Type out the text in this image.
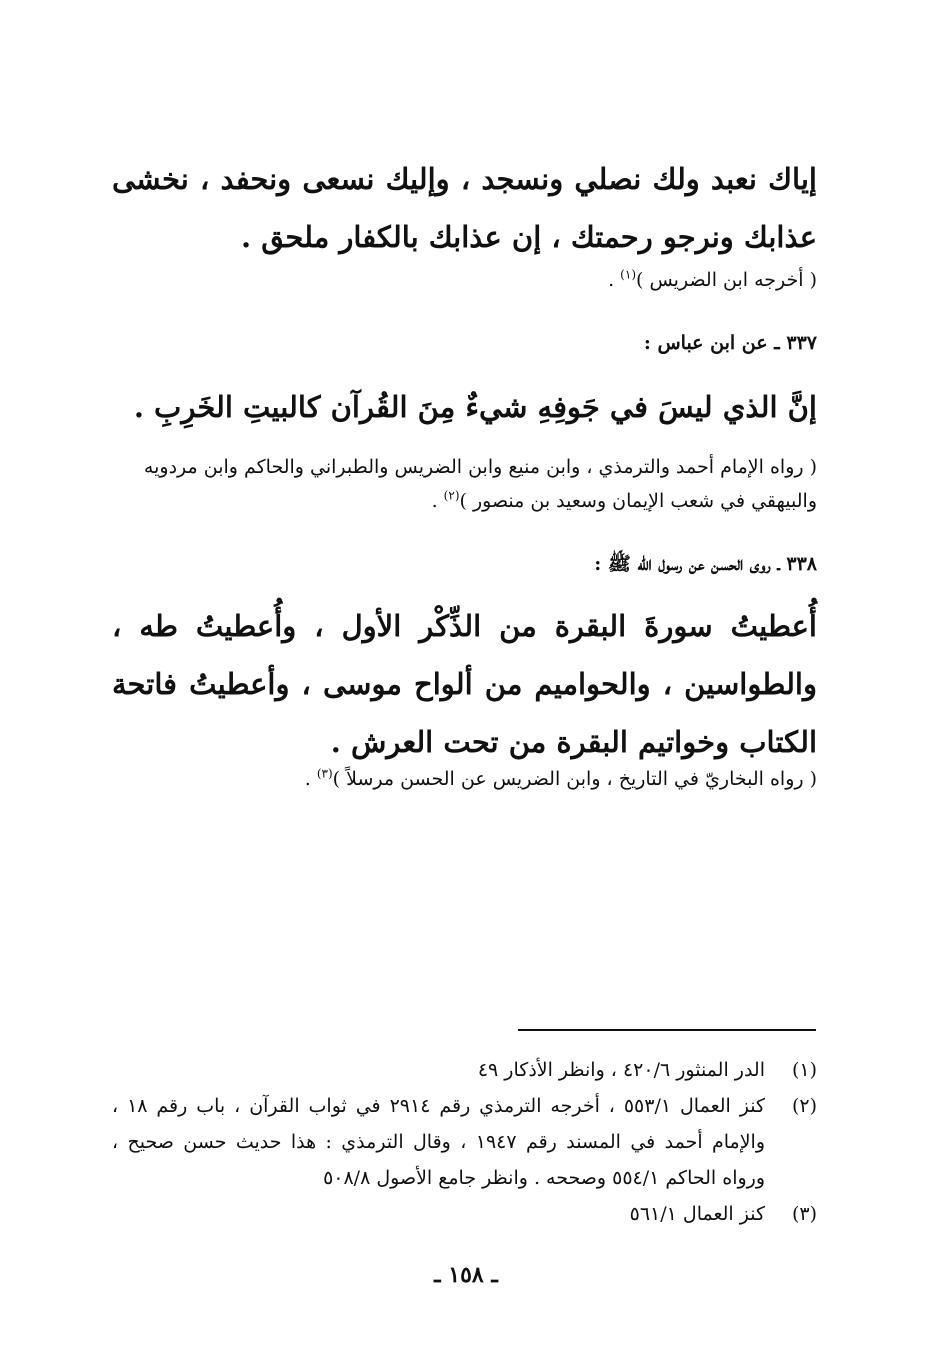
إياك نعبد ولك نصلي ونسجد ، وإليك نسعى ونحفد ، نخشى عذابك ونرجو رحمتك ، إن عذابك بالكفار ملحق .

( أخرجه ابن الضريس )$^{(١)}$ .

٣٣٧ ـ عن ابن عباس :

إنَّ الذي ليسَ في جَوفِهِ شيءٌ مِنَ القُرآن كالبيتِ الخَرِبِ .

( رواه الإمام أحمد والترمذي ، وابن منيع وابن الضريس والطبراني والحاكم وابن مردويه والبيهقي في شعب الإيمان وسعيد بن منصور )$^{(٢)}$ .

٣٣٨ ـ روى الحسن عن رسول الله ﷺ :

أُعطيتُ سورةَ البقرة من الذِّكْر الأول ، وأُعطيتُ طه ، والطواسين ، والحواميم من ألواح موسى ، وأعطيتُ فاتحة الكتاب وخواتيم البقرة من تحت العرش .

( رواه البخاريّ في التاريخ ، وابن الضريس عن الحسن مرسلاً )$^{(٣)}$ .

(١)
الدر المنثور ٤٢٠/٦ ، وانظر الأذكار ٤٩
(٢)
كنز العمال ٥٥٣/١ ، أخرجه الترمذي رقم ٢٩١٤ في ثواب القرآن ، باب رقم ١٨ ، والإمام أحمد في المسند رقم ١٩٤٧ ، وقال الترمذي : هذا حديث حسن صحيح ، ورواه الحاكم ٥٥٤/١ وصححه . وانظر جامع الأصول ٥٠٨/٨
(٣)
كنز العمال ٥٦١/١
ـ ١٥٨ ـ
